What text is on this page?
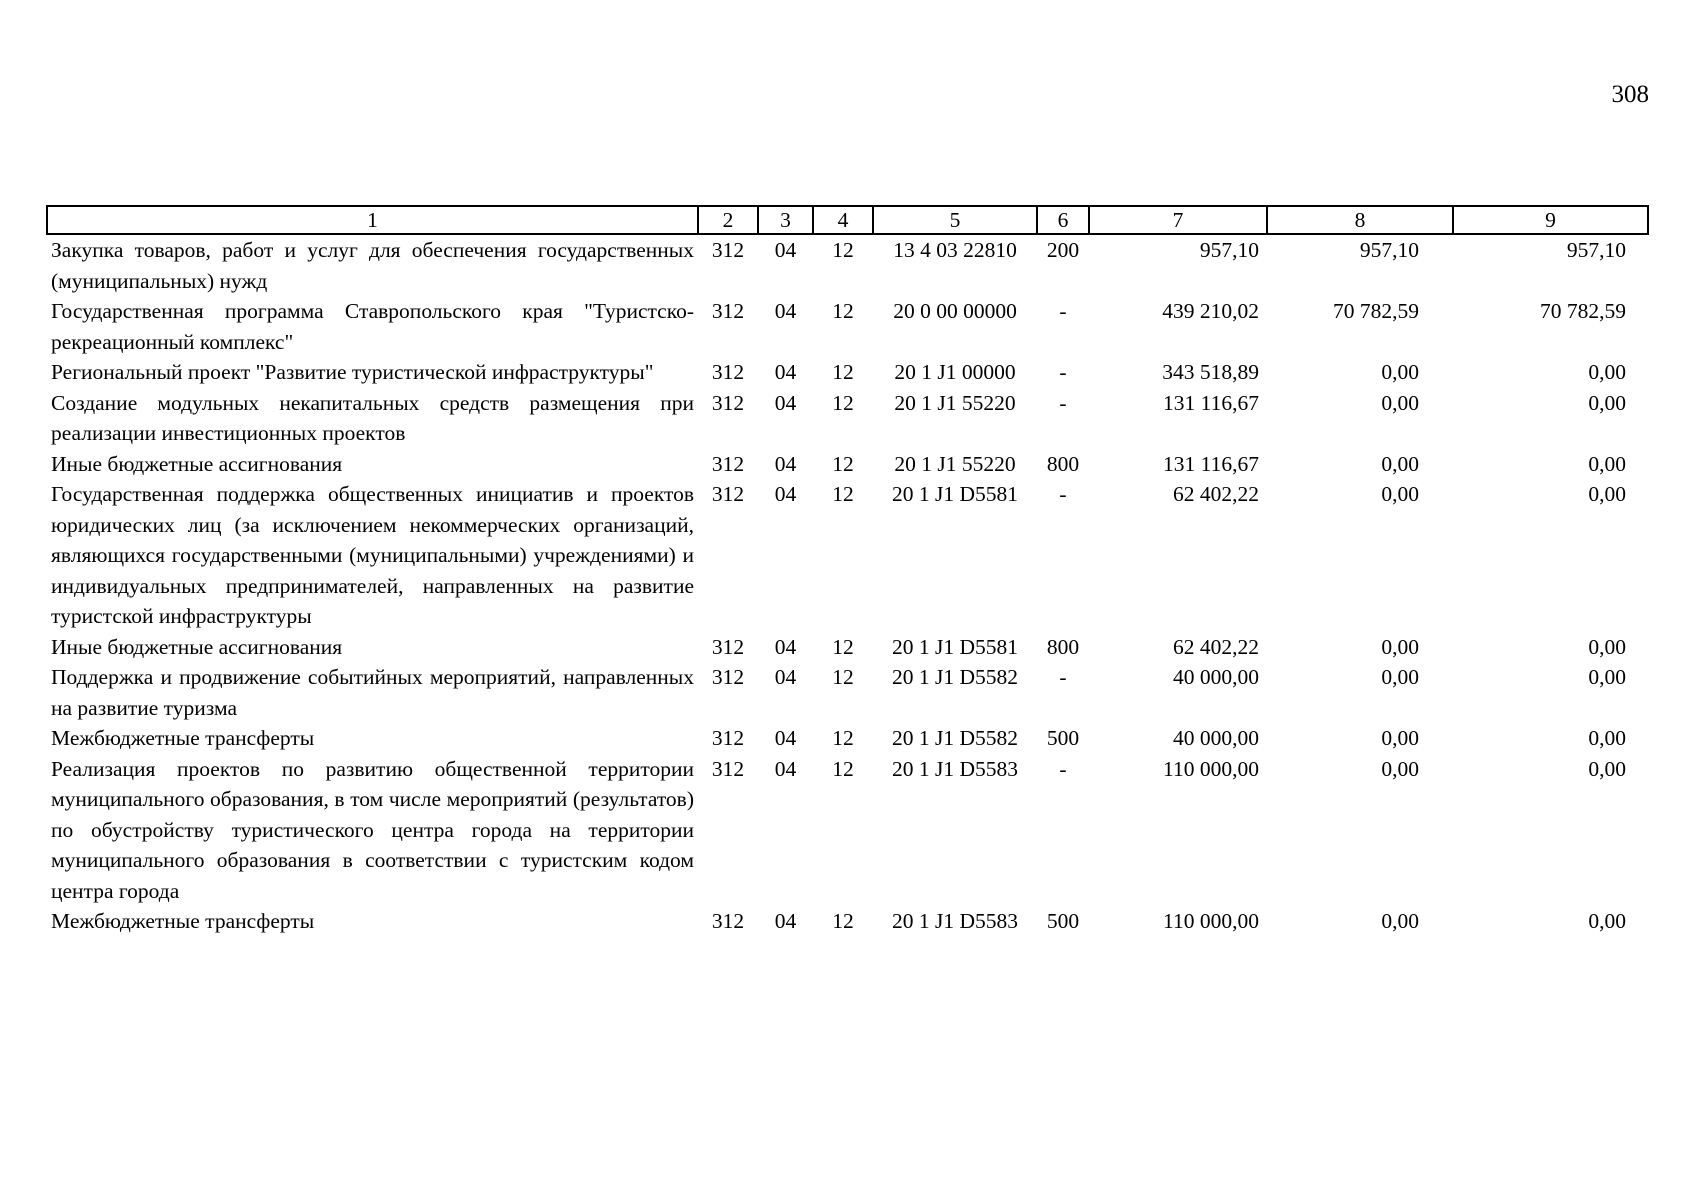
308
1	2	3	4	5	6	7	8	9
Закупка товаров, работ и услуг для обеспечения государственных (муниципальных) нужд	312	04	12	13 4 03 22810	200	957,10	957,10	957,10
Государственная программа Ставропольского края "Туристско-рекреационный комплекс"	312	04	12	20 0 00 00000	-	439 210,02	70 782,59	70 782,59
Региональный проект "Развитие туристической инфраструктуры"	312	04	12	20 1 J1 00000	-	343 518,89	0,00	0,00
Создание модульных некапитальных средств размещения при реализации инвестиционных проектов	312	04	12	20 1 J1 55220	-	131 116,67	0,00	0,00
Иные бюджетные ассигнования	312	04	12	20 1 J1 55220	800	131 116,67	0,00	0,00
Государственная поддержка общественных инициатив и проектов юридических лиц (за исключением некоммерческих организаций, являющихся государственными (муниципальными) учреждениями) и индивидуальных предпринимателей, направленных на развитие туристской инфраструктуры	312	04	12	20 1 J1 D5581	-	62 402,22	0,00	0,00
Иные бюджетные ассигнования	312	04	12	20 1 J1 D5581	800	62 402,22	0,00	0,00
Поддержка и продвижение событийных мероприятий, направленных на развитие туризма	312	04	12	20 1 J1 D5582	-	40 000,00	0,00	0,00
Межбюджетные трансферты	312	04	12	20 1 J1 D5582	500	40 000,00	0,00	0,00
Реализация проектов по развитию общественной территории муниципального образования, в том числе мероприятий (результатов) по обустройству туристического центра города на территории муниципального образования в соответствии с туристским кодом центра города	312	04	12	20 1 J1 D5583	-	110 000,00	0,00	0,00
Межбюджетные трансферты	312	04	12	20 1 J1 D5583	500	110 000,00	0,00	0,00
